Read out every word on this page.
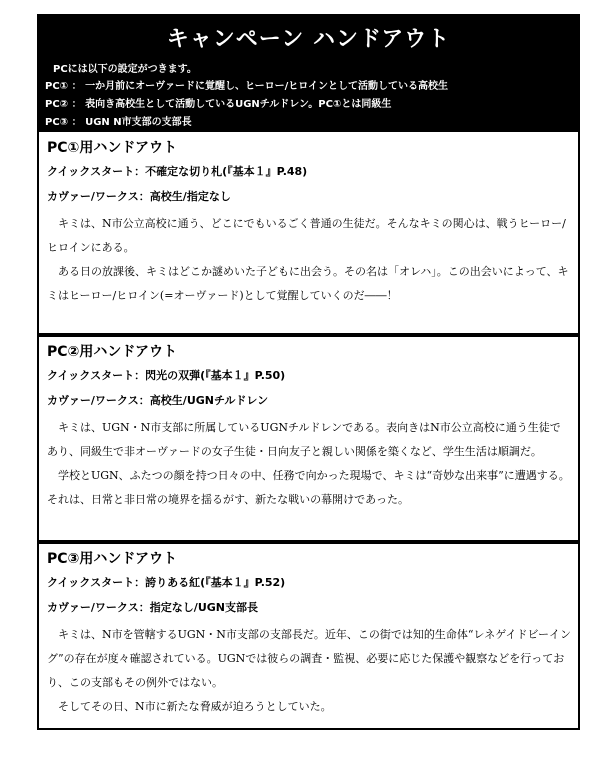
キャンペーン ハンドアウト
PCには以下の設定がつきます。
PC① ： 一か月前にオーヴァードに覚醒し、ヒーロー/ヒロインとして活動している高校生
PC② ： 表向き高校生として活動しているUGNチルドレン。PC①とは同級生
PC③ ： UGN N市支部の支部長
PC①用ハンドアウト
クイックスタート：不確定な切り札(『基本１』P.48)
カヴァー/ワークス：高校生/指定なし

キミは、N市公立高校に通う、どこにでもいるごく普通の生徒だ。そんなキミの関心は、戦うヒーロー/ヒロインにある。

ある日の放課後、キミはどこか謎めいた子どもに出会う。その名は「オレハ」。この出会いによって、キミはヒーロー/ヒロイン(=オーヴァード)として覚醒していくのだ――！

PC②用ハンドアウト
クイックスタート：閃光の双弾(『基本１』P.50)
カヴァー/ワークス：高校生/UGNチルドレン

キミは、UGN・N市支部に所属しているUGNチルドレンである。表向きはN市公立高校に通う生徒であり、同級生で非オーヴァードの女子生徒・日向友子と親しい関係を築くなど、学生生活は順調だ。

学校とUGN、ふたつの顔を持つ日々の中、任務で向かった現場で、キミは“奇妙な出来事”に遭遇する。それは、日常と非日常の境界を揺るがす、新たな戦いの幕開けであった。

PC③用ハンドアウト
クイックスタート：誇りある紅(『基本１』P.52)
カヴァー/ワークス：指定なし/UGN支部長

キミは、N市を管轄するUGN・N市支部の支部長だ。近年、この街では知的生命体“レネゲイドビーイング”の存在が度々確認されている。UGNでは彼らの調査・監視、必要に応じた保護や観察などを行っており、この支部もその例外ではない。

そしてその日、N市に新たな脅威が迫ろうとしていた。
